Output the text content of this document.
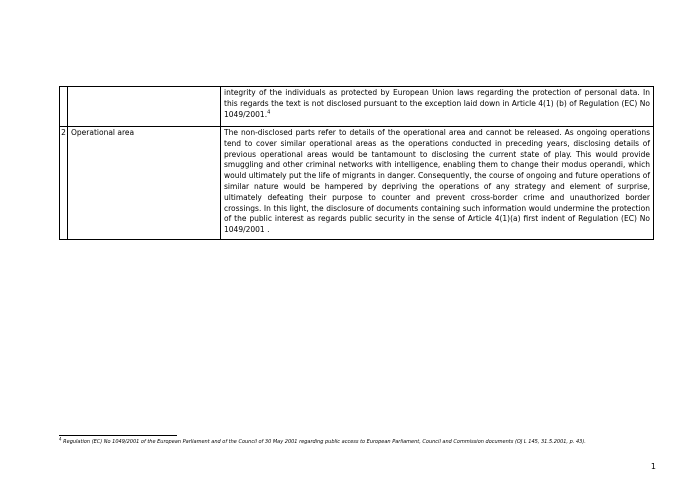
		integrity of the individuals as protected by European Union laws regarding the protection of personal data. In this regards the text is not disclosed pursuant to the exception laid down in Article 4(1) (b) of Regulation (EC) No 1049/2001.$^4$
2	Operational area	The non-disclosed parts refer to details of the operational area and cannot be released. As ongoing operations tend to cover similar operational areas as the operations conducted in preceding years, disclosing details of previous operational areas would be tantamount to disclosing the current state of play. This would provide smuggling and other criminal networks with intelligence, enabling them to change their modus operandi, which would ultimately put the life of migrants in danger. Consequently, the course of ongoing and future operations of similar nature would be hampered by depriving the operations of any strategy and element of surprise, ultimately defeating their purpose to counter and prevent cross-border crime and unauthorized border crossings. In this light, the disclosure of documents containing such information would undermine the protection of the public interest as regards public security in the sense of Article 4(1)(a) first indent of Regulation (EC) No 1049/2001 .
$^4$ Regulation (EC) No 1049/2001 of the European Parliament and of the Council of 30 May 2001 regarding public access to European Parliament, Council and Commission documents (OJ L 145, 31.5.2001, p. 43).
1
